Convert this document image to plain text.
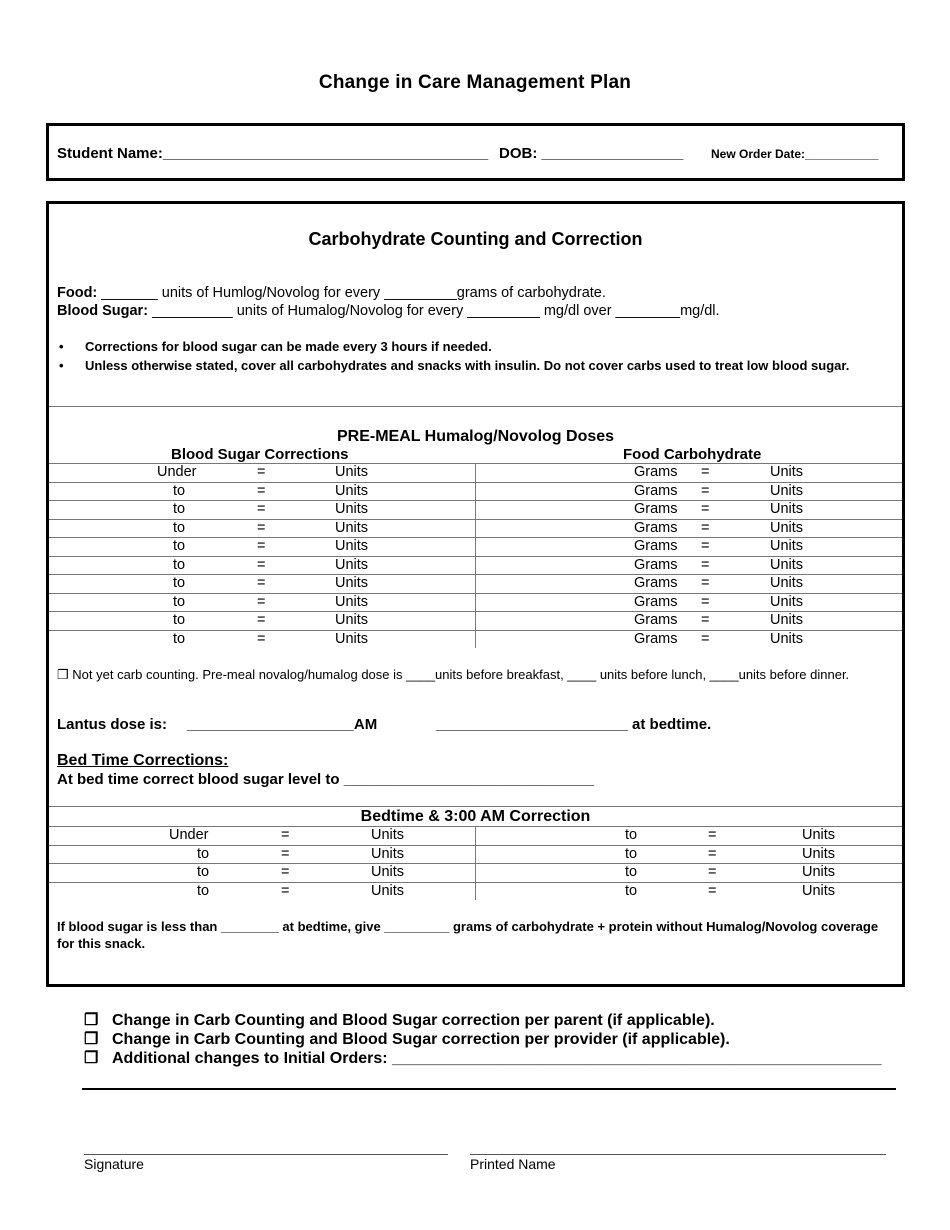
Change in Care Management Plan
Student Name:_______________________________________ DOB: _________________ New Order Date:___________
Carbohydrate Counting and Correction
Food: _______ units of Humlog/Novolog for every _________grams of carbohydrate.
Blood Sugar: __________ units of Humalog/Novolog for every _________ mg/dl over ________mg/dl.
• Corrections for blood sugar can be made every 3 hours if needed.
• Unless otherwise stated, cover all carbohydrates and snacks with insulin. Do not cover carbs used to treat low blood sugar.
PRE-MEAL Humalog/Novolog Doses
Blood Sugar Corrections	Food Carbohydrate
Under = Units	Grams = Units

to = Units	Grams = Units

to = Units	Grams = Units

to = Units	Grams = Units

to = Units	Grams = Units

to = Units	Grams = Units

to = Units	Grams = Units

to = Units	Grams = Units

to = Units	Grams = Units

to = Units	Grams = Units
❒ Not yet carb counting. Pre-meal novalog/humalog dose is ____units before breakfast, ____ units before lunch, ____units before dinner.
Lantus dose is: ____________________AM	_______________________ at bedtime.
Bed Time Corrections:
At bed time correct blood sugar level to ______________________________
Bedtime & 3:00 AM Correction
Under = Units	to = Units

to = Units	to = Units

to = Units	to = Units

to = Units	to = Units
If blood sugar is less than ________ at bedtime, give _________ grams of carbohydrate + protein without Humalog/Novolog coverage for this snack.
❒ Change in Carb Counting and Blood Sugar correction per parent (if applicable).
❒ Change in Carb Counting and Blood Sugar correction per provider (if applicable).
❒ Additional changes to Initial Orders: _______________________________________________________
Signature	Printed Name
